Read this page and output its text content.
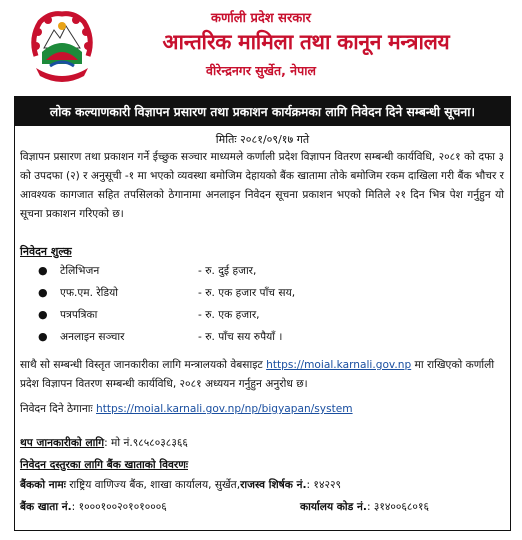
कर्णाली प्रदेश सरकार
आन्तरिक मामिला तथा कानून मन्त्रालय
वीरेन्द्रनगर सुर्खेत, नेपाल
लोक कल्याणकारी विज्ञापन प्रसारण तथा प्रकाशन कार्यक्रमका लागि निवेदन दिने सम्बन्धी सूचना।
मितिः २०८१/०९/१७ गते
विज्ञापन प्रसारण तथा प्रकाशन गर्ने ईच्छुक सञ्चार माध्यमले कर्णाली प्रदेश विज्ञापन वितरण सम्बन्धी कार्यविधि, २०८१ को दफा ३ को उपदफा (२) र अनुसूची -१ मा भएको व्यवस्था बमोजिम देहायको बैंक खातामा तोके बमोजिम रकम दाखिला गरी बैंक भौचर र आवश्यक कागजात सहित तपसिलको ठेगानामा अनलाइन निवेदन सूचना प्रकाशन भएको मितिले २१ दिन भित्र पेश गर्नुहुन यो सूचना प्रकाशन गरिएको छ।
निवेदन शुल्क
● टेलिभिजन	- रु. दुई हजार,
● एफ.एम. रेडियो	- रु. एक हजार पाँच सय,
● पत्रपत्रिका	- रु. एक हजार,
● अनलाइन सञ्चार	- रु. पाँच सय रुपैयाँ ।
साथै सो सम्बन्धी विस्तृत जानकारीका लागि मन्त्रालयको वेबसाइट https://moial.karnali.gov.np मा राखिएको कर्णाली प्रदेश विज्ञापन वितरण सम्बन्धी कार्यविधि, २०८१ अध्ययन गर्नुहुन अनुरोध छ।
निवेदन दिने ठेगानाः https://moial.karnali.gov.np/np/bigyapan/system
थप जानकारीको लागि: मो नं.९८५८०३८३६६
निवेदन दस्तुरका लागि बैंक खाताको विवरणः
बैंकको नामः राष्ट्रिय वाणिज्य बैंक, शाखा कार्यालय, सुर्खेत,राजस्व शिर्षक नं.: १४२२९
बैंक खाता नं.: १०००१००२०१०१०००६	कार्यालय कोड नं.: ३१४००६८०१६
